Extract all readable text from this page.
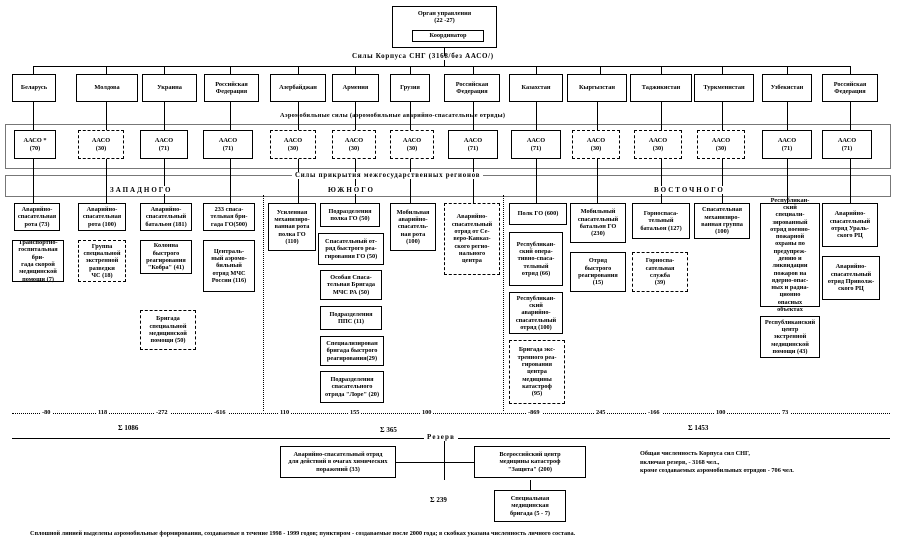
Орган управления
(22 -27)
Координатор
Силы Корпуса СНГ (3168/без ААСО/)
Беларусь	Молдова	Украина
Российская
Федерация
Азербайджан	Армения	Грузия
Российская
Федерация
Казахстан	Кыргызстан	Таджикистан	Туркменистан	Узбекистан
Российская
Федерация
Аэромобильные силы (аэромобильные аварийно-спасательные отряды)
ААСО *
(70)
ААСО
(30)
ААСО
(71)
ААСО
(71)
ААСО
(30)
ААСО
(30)
ААСО
(30)
ААСО
(71)
ААСО
(71)
ААСО
(30)
ААСО
(30)
ААСО
(30)
ААСО
(71)
ААСО
(71)
Силы прикрытия межгосударственных регионов
ЗАПАДНОГО	ЮЖНОГО	ВОСТОЧНОГО
Аварийно-
спасательная
рота (73)
Транспортно-
госпитальная бри-
гада скорой
медицинской
помощи (7)
Аварийно-
спасательная
рота (100)
Группа
специальной
экстренной
разведки
ЧС (18)
Аварийно-
спасательный
батальон (181)
Колонна
быстрого
реагирования
"Кобра" (41)
Бригада
специальной
медицинской
помощи (50)
233 спаса-
тельная бри-
гада ГО(500)
Централь-
ный аэромо-
бильный
отряд МЧС
России (116)
Усиленная
механизиро-
ванная рота
полка ГО
(110)
Подразделения
полка ГО (50)
Спасательный от-
ряд быстрого реа-
гирования ГО (50)
Особая Спаса-
тельная Бригада
МЧС РА (50)
Подразделения
ППС (11)
Специализирован
бригада быстрого
реагирования(29)
Подразделения
спасательного
отряда "Лоре" (20)
Мобильная
аварийно-
спасатель-
ная рота
(100)
Аварийно-
спасательный
отряд от Се-
веро-Кавказ-
ского регио-
нального
центра
Полк ГО (600)
Республикан-
ский опера-
тивно-спаса-
тельный
отряд (66)
Республикан-
ский
аварийно-
спасательный
отряд (100)
Бригада экс-
тренного реа-
гирования
центра
медицины
катастроф
(95)
Мобильный
спасательный
батальон ГО
(230)
Отряд
быстрого
реагирования
(15)
Горноспаса-
тельный
батальон (127)
Горноспа-
сательная
служба
(39)
Спасательная
механизиро-
ванная группа
(100)
Республикан-
ский
специали-
зированный
отряд военно-
пожарной
охраны по
предупреж-
дению и ликвидации
пожаров на
ядерно-опас-
ных и радиа-
ционно
опасных
объектах
Республиканский
центр
экстренной
медицинской
помощи (43)
Аварийно-
спасательный
отряд Ураль-
ского РЦ
Аварийно-
спасательный
отряд Приволж-
ского РЦ
-80	118	-272	-616	110	155	100	-869	245	-166	100	73
Σ 1086	Σ 365	Σ 1453
Резерв
Аварийно-спасательный отряд
для действий в очагах химических
поражений (33)
Всероссийский центр
медицины катастроф
"Защита" (200)
Специальная
медицинская
бригада (5 - 7)
Σ 239
Общая численность Корпуса сил СНГ,
включая резерв, - 3168 чел.,
кроме создаваемых аэромобильных отрядов - 706 чел.
Сплошной линией выделены аэромобильные формирования, создаваемые в течение 1998 - 1999 годов; пунктиром - создаваемые после 2000 года; в скобках указана численность личного состава.
